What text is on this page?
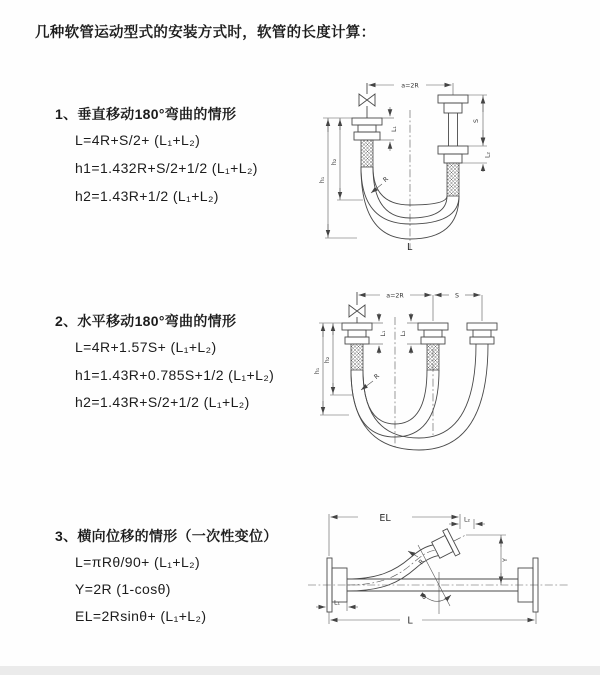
几种软管运动型式的安装方式时，软管的长度计算：
1、垂直移动180°弯曲的情形
L=4R+S/2+ (L₁+L₂)
h1=1.432R+S/2+1/2 (L₁+L₂)
h2=1.43R+1/2 (L₁+L₂)
2、水平移动180°弯曲的情形
L=4R+1.57S+ (L₁+L₂)
h1=1.43R+0.785S+1/2 (L₁+L₂)
h2=1.43R+S/2+1/2 (L₁+L₂)
3、横向位移的情形（一次性变位）
L=πRθ/90+ (L₁+L₂)
Y=2R (1-cosθ)
EL=2Rsinθ+ (L₁+L₂)
a=2R
S
L₂
L₁
h₂
h₁	R
L
a=2R	S
L₁ L₂
h₂
h₁
R
θ
R
EL	L₂
Y
L
L₁
